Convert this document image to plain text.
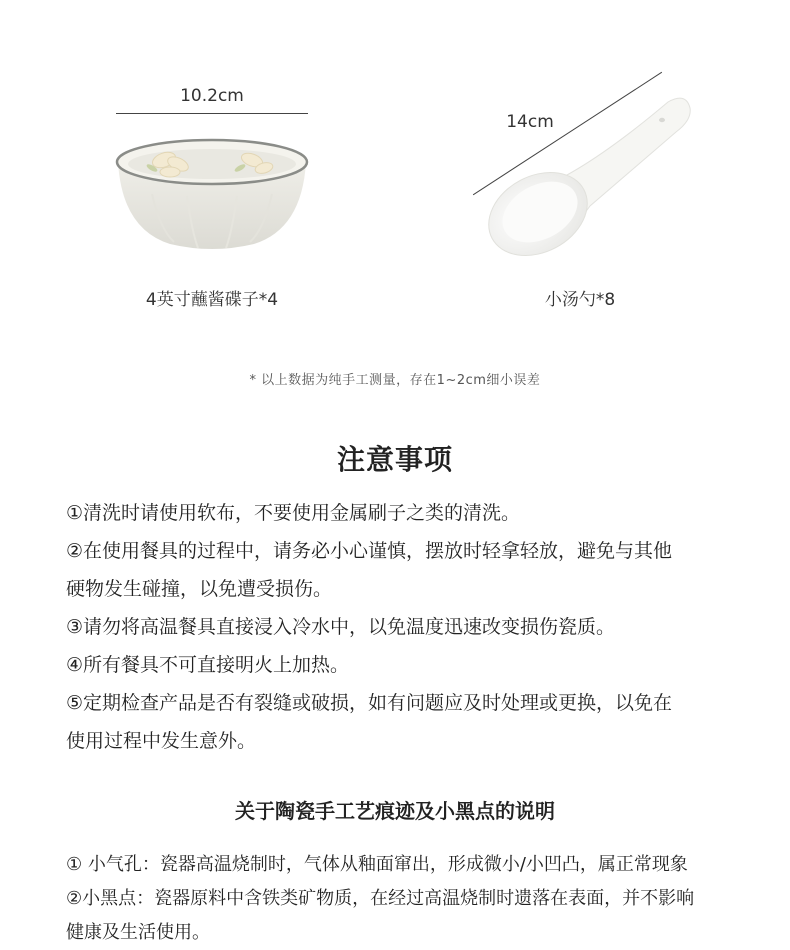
10.2cm
4英寸蘸酱碟子*4
14cm
小汤勺*8
* 以上数据为纯手工测量，存在1~2cm细小误差
注意事项

①清洗时请使用软布，不要使用金属刷子之类的清洗。

②在使用餐具的过程中，请务必小心谨慎，摆放时轻拿轻放，避免与其他

硬物发生碰撞，以免遭受损伤。

③请勿将高温餐具直接浸入冷水中，以免温度迅速改变损伤瓷质。

④所有餐具不可直接明火上加热。

⑤定期检查产品是否有裂缝或破损，如有问题应及时处理或更换，以免在

使用过程中发生意外。

关于陶瓷手工艺痕迹及小黑点的说明

① 小气孔：瓷器高温烧制时，气体从釉面窜出，形成微小/小凹凸，属正常现象

②小黑点：瓷器原料中含铁类矿物质，在经过高温烧制时遗落在表面，并不影响

健康及生活使用。
